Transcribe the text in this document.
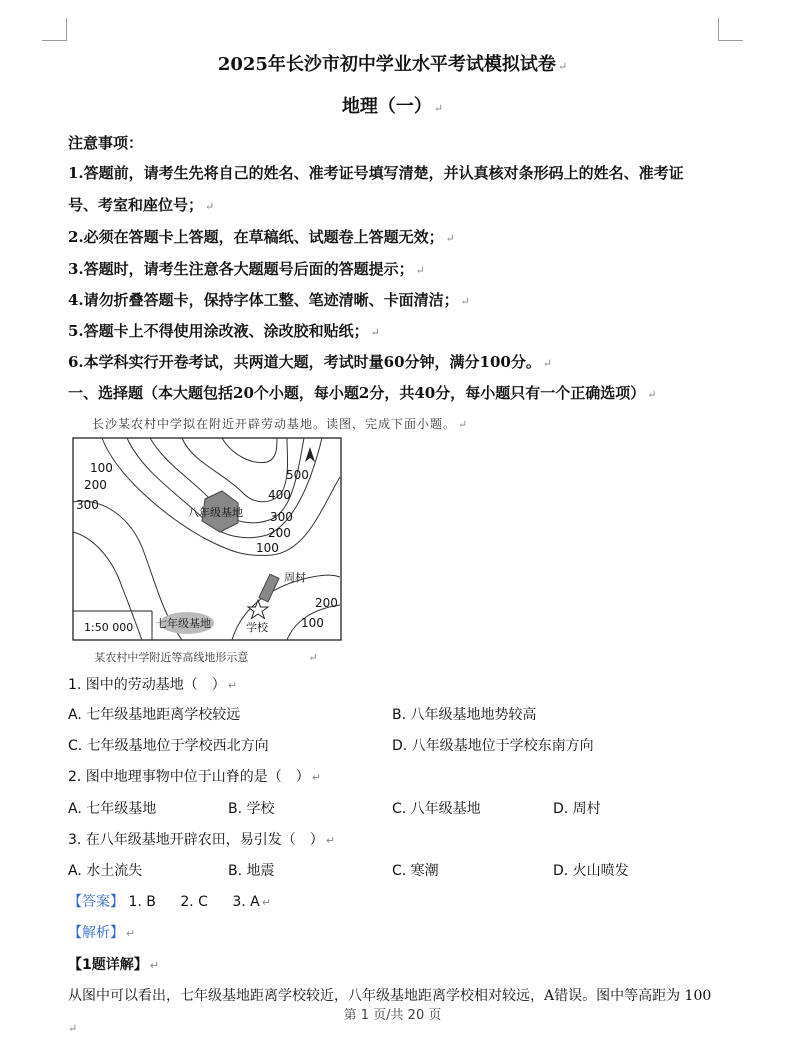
2025年长沙市初中学业水平考试模拟试卷 ↵
地理（一） ↵
注意事项：
1.答题前，请考生先将自己的姓名、准考证号填写清楚，并认真核对条形码上的姓名、准考证
号、考室和座位号； ↵
2.必须在答题卡上答题，在草稿纸、试题卷上答题无效； ↵
3.答题时，请考生注意各大题题号后面的答题提示； ↵
4.请勿折叠答题卡，保持字体工整、笔迹清晰、卡面清洁； ↵
5.答题卡上不得使用涂改液、涂改胶和贴纸； ↵
6.本学科实行开卷考试，共两道大题，考试时量60分钟，满分100分。 ↵
一、选择题（本大题包括20个小题，每小题2分，共40分，每小题只有一个正确选项） ↵
长沙某农村中学拟在附近开辟劳动基地。读图，完成下面小题。 ↵
100
200
300
500
400
300
200
100
200
100
八年级基地
七年级基地
周村
学校
1:50 000
某农村中学附近等高线地形示意	↵
1. 图中的劳动基地（　） ↵
A. 七年级基地距离学校较远	B. 八年级基地地势较高
C. 七年级基地位于学校西北方向	D. 八年级基地位于学校东南方向
2. 图中地理事物中位于山脊的是（　） ↵
A. 七年级基地	B. 学校	C. 八年级基地	D. 周村
3. 在八年级基地开辟农田，易引发（　） ↵
A. 水土流失	B. 地震	C. 寒潮	D. 火山喷发
【答案】 1. B 2. C 3. A ↵
【解析】 ↵
【1题详解】 ↵
从图中可以看出，七年级基地距离学校较近，八年级基地距离学校相对较远，A错误。图中等高距为 100
第 1 页/共 20 页
↵
